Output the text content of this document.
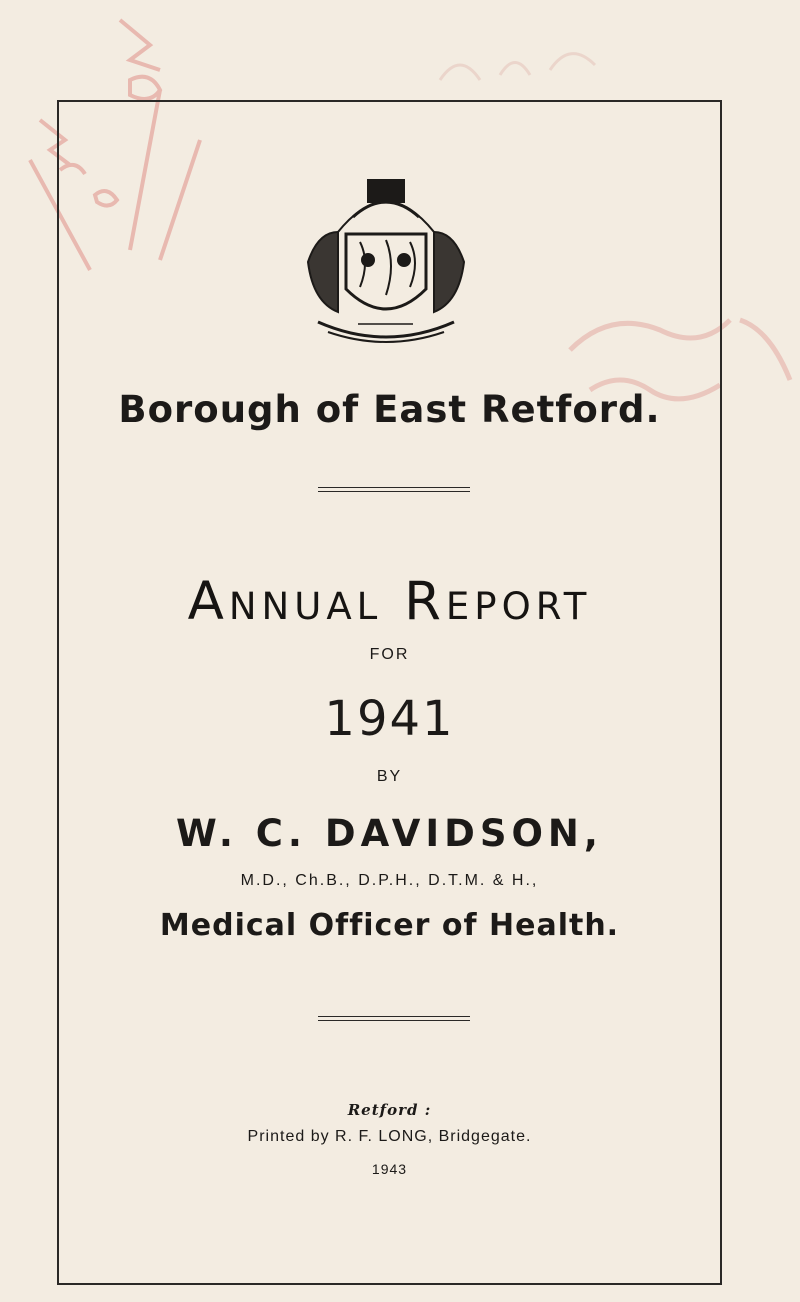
Borough of East Retford.
Annual Report
FOR
1941
BY
W. C. DAVIDSON,
M.D., Ch.B., D.P.H., D.T.M. & H.,
Medical Officer of Health.
Retford :
Printed by R. F. LONG, Bridgegate.
1943
